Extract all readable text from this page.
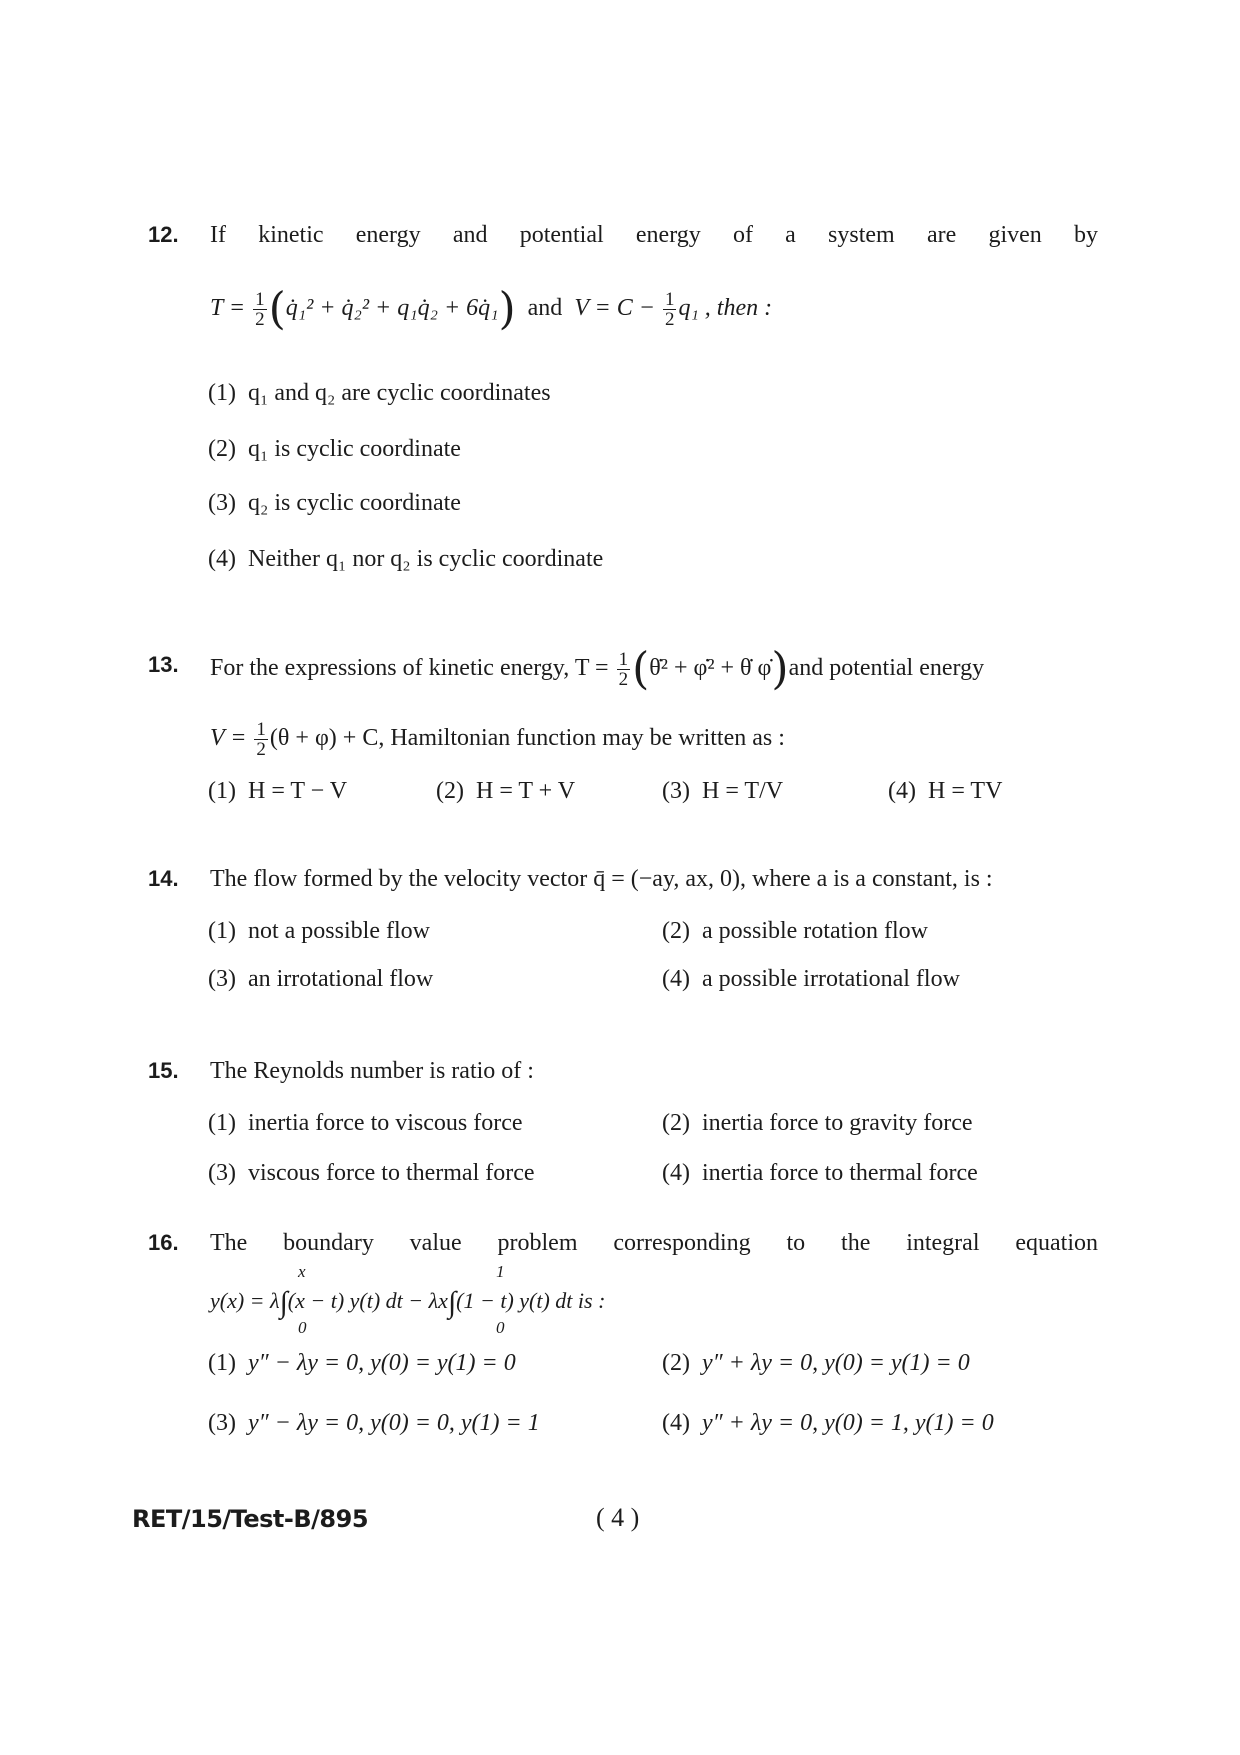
12. If kinetic energy and potential energy of a system are given by
$T = \frac{1}{2}$ (q̇₁² + q̇₂² + q₁q̇₂ + 6q̇₁) and $V = C - \frac{1}{2} q_1$ , then :
(1) q₁ and q₂ are cyclic coordinates
(2) q₁ is cyclic coordinate
(3) q₂ is cyclic coordinate
(4) Neither q₁ nor q₂ is cyclic coordinate
13. For the expressions of kinetic energy, $T = \frac{1}{2}$ (θ̇² + φ̇² + θ̇ φ̇)and potential energy
$V = \frac{1}{2} (\theta + \varphi) + C$, Hamiltonian function may be written as :
(1) H = T − V	(2) H = T + V	(3) H = T/V	(4) H = TV
14. The flow formed by the velocity vector q̄ = (−ay, ax, 0), where a is a constant, is :
(1) not a possible flow	(2) a possible rotation flow
(3) an irrotational flow	(4) a possible irrotational flow
15. The Reynolds number is ratio of :
(1) inertia force to viscous force	(2) inertia force to gravity force
(3) viscous force to thermal force	(4) inertia force to thermal force
16. The boundary value problem corresponding to the integral equation
x	1
y(x) = λ∫(x − t) y(t) dt − λx∫(1 − t) y(t) dt is :
0	0
(1) y″ − λy = 0, y(0) = y(1) = 0	(2) y″ + λy = 0, y(0) = y(1) = 0
(3) y″ − λy = 0, y(0) = 0, y(1) = 1	(4) y″ + λy = 0, y(0) = 1, y(1) = 0
RET/15/Test-B/895	( 4 )
